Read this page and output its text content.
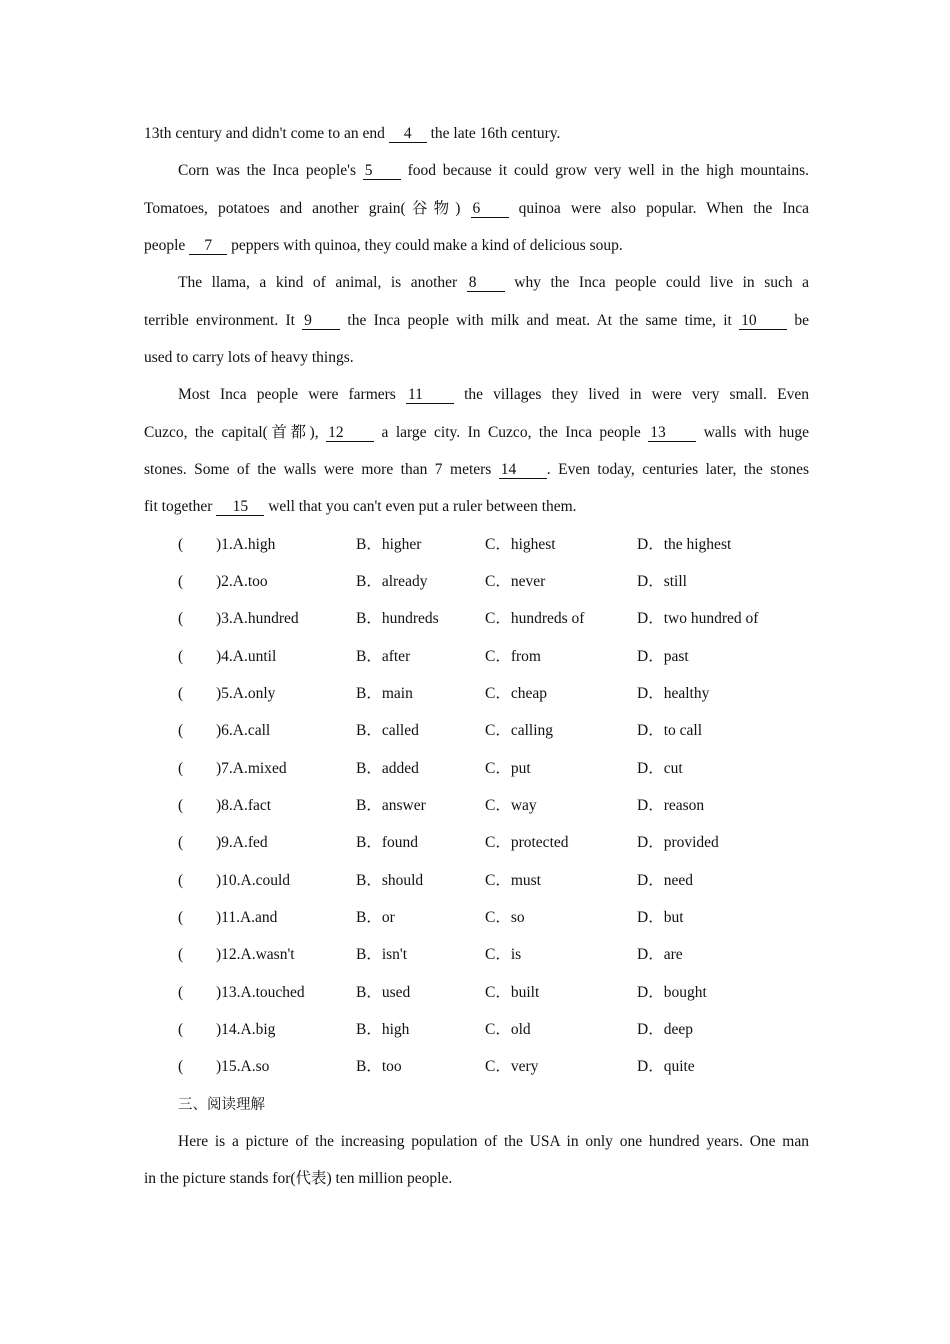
13th century and didn't come to an end 4 the late 16th century.
Corn was the Inca people's 5 food because it could grow very well in the high mountains.
Tomatoes, potatoes and another grain(谷物) 6 quinoa were also popular. When the Inca
people 7 peppers with quinoa, they could make a kind of delicious soup.
The llama, a kind of animal, is another 8 why the Inca people could live in such a
terrible environment. It 9 the Inca people with milk and meat. At the same time, it 10 be
used to carry lots of heavy things.
Most Inca people were farmers 11 the villages they lived in were very small. Even
Cuzco, the capital(首都), 12 a large city. In Cuzco, the Inca people 13 walls with huge
stones. Some of the walls were more than 7 meters 14 . Even today, centuries later, the stones
fit together 15 well that you can't even put a ruler between them.
( )1.A.high	B．higher	C．highest	D．the highest
( )2.A.too	B．already	C．never	D．still
( )3.A.hundred	B．hundreds	C．hundreds of	D．two hundred of
( )4.A.until	B．after	C．from	D．past
( )5.A.only	B．main	C．cheap	D．healthy
( )6.A.call	B．called	C．calling	D．to call
( )7.A.mixed	B．added	C．put	D．cut
( )8.A.fact	B．answer	C．way	D．reason
( )9.A.fed	B．found	C．protected	D．provided
( )10.A.could	B．should	C．must	D．need
( )11.A.and	B．or	C．so	D．but
( )12.A.wasn't	B．isn't	C．is	D．are
( )13.A.touched	B．used	C．built	D．bought
( )14.A.big	B．high	C．old	D．deep
( )15.A.so	B．too	C．very	D．quite
三、阅读理解
Here is a picture of the increasing population of the USA in only one hundred years. One man
in the picture stands for(代表) ten million people.
